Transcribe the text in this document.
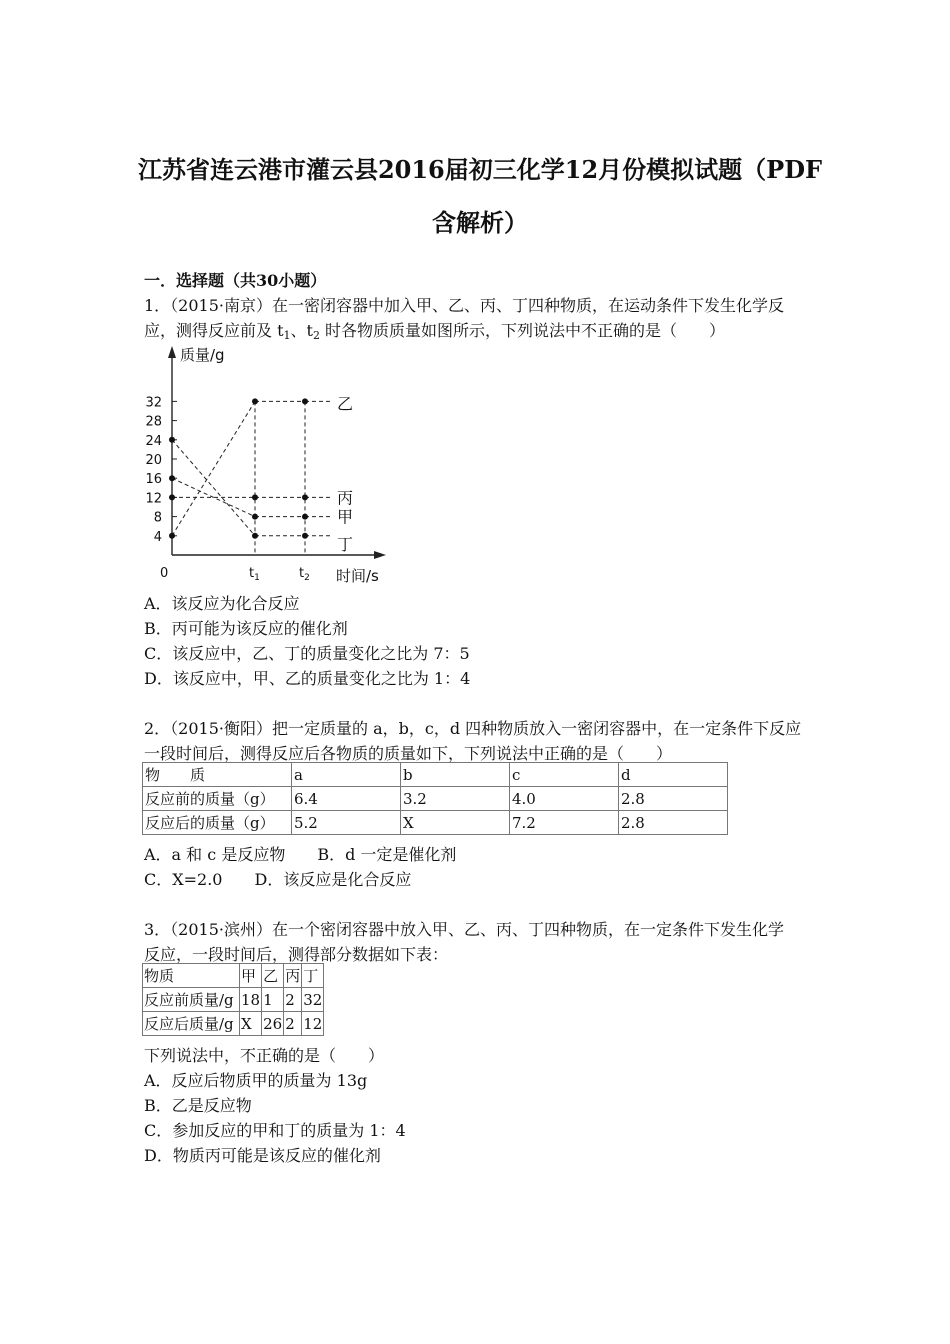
江苏省连云港市灌云县2016届初三化学12月份模拟试题（PDF
含解析）
一．选择题（共30小题）
1．（2015·南京）在一密闭容器中加入甲、乙、丙、丁四种物质，在运动条件下发生化学反
应，测得反应前及 $t_1$、$t_2$ 时各物质质量如图所示，下列说法中不正确的是（　　）
质量/g
时间/s
0
4
8
12
16
20
24
28
32
$t_1$	$t_2$
乙
丙
甲
丁
A．该反应为化合反应
B．丙可能为该反应的催化剂
C．该反应中，乙、丁的质量变化之比为 7：5
D．该反应中，甲、乙的质量变化之比为 1：4
2．（2015·衡阳）把一定质量的 a，b，c，d 四种物质放入一密闭容器中，在一定条件下反应
一段时间后，测得反应后各物质的质量如下，下列说法中正确的是（　　）
物　　质	a	b	c	d
反应前的质量（g）	6.4	3.2	4.0	2.8
反应后的质量（g）	5.2	X	7.2	2.8
A．a 和 c 是反应物　　B．d 一定是催化剂
C．X=2.0　　D．该反应是化合反应
3．（2015·滨州）在一个密闭容器中放入甲、乙、丙、丁四种物质，在一定条件下发生化学
反应，一段时间后，测得部分数据如下表：
物质	甲	乙	丙	丁
反应前质量/g	18	1	2	32
反应后质量/g	X	26	2	12
下列说法中，不正确的是（　　）
A．反应后物质甲的质量为 13g
B．乙是反应物
C．参加反应的甲和丁的质量为 1：4
D．物质丙可能是该反应的催化剂
